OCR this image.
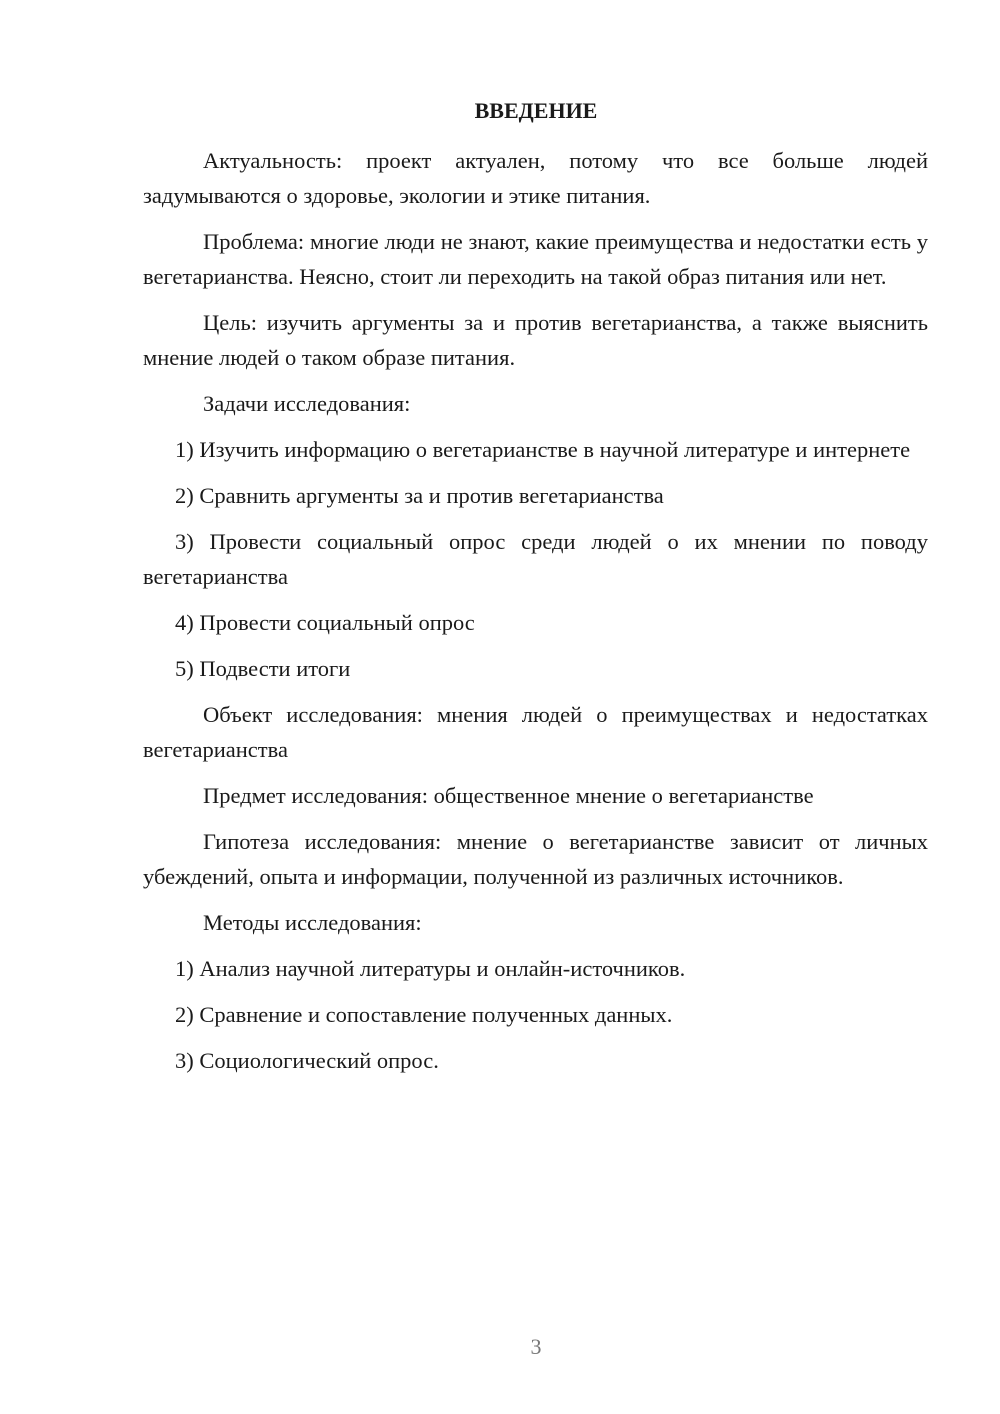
ВВЕДЕНИЕ

Актуальность: проект актуален, потому что все больше людей задумываются о здоровье, экологии и этике питания.

Проблема: многие люди не знают, какие преимущества и недостатки есть у вегетарианства. Неясно, стоит ли переходить на такой образ питания или нет.

Цель: изучить аргументы за и против вегетарианства, а также выяснить мнение людей о таком образе питания.

Задачи исследования:

1) Изучить информацию о вегетарианстве в научной литературе и интернете

2) Сравнить аргументы за и против вегетарианства

3) Провести социальный опрос среди людей о их мнении по поводу вегетарианства

4) Провести социальный опрос

5) Подвести итоги

Объект исследования: мнения людей о преимуществах и недостатках вегетарианства

Предмет исследования: общественное мнение о вегетарианстве

Гипотеза исследования: мнение о вегетарианстве зависит от личных убеждений, опыта и информации, полученной из различных источников.

Методы исследования:

1) Анализ научной литературы и онлайн-источников.

2) Сравнение и сопоставление полученных данных.

3) Социологический опрос.

3
